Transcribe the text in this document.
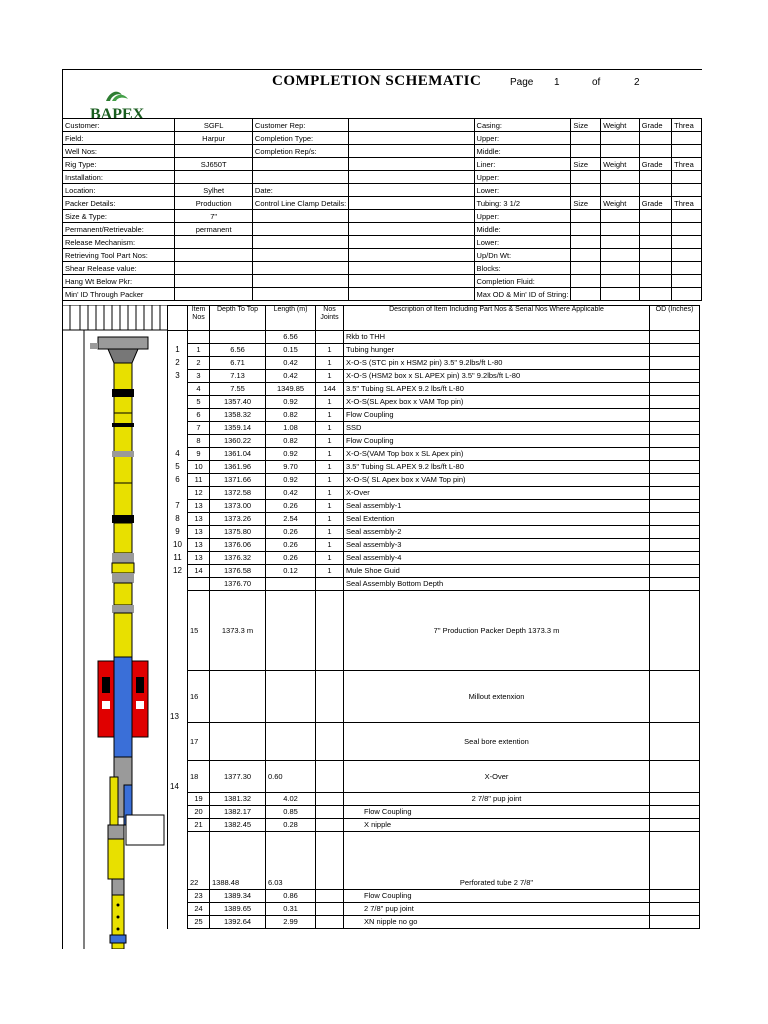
BAPEX
COMPLETION SCHEMATIC	Page 1	of	2
Customer:	SGFL	Customer Rep:		Casing:	Size	Weight	Grade	Threa
Field:	Harpur	Completion Type:		Upper:				
Well Nos:		Completion Rep/s:		Middle:				
Rig Type:	SJ650T			Liner:	Size	Weight	Grade	Threa
Installation:				Upper:				
Location:	Sylhet	Date:		Lower:				
Packer Details:	Production	Control Line Clamp Details:		Tubing: 3 1/2	Size	Weight	Grade	Threa
Size & Type:	7"			Upper:				
Permanent/Retrievable:	permanent			Middle:				
Release Mechanism:				Lower:				
Retrieving Tool Part Nos:				Up/Dn Wt:				
Shear Release value:				Blocks:				
Hang Wt Below Pkr:				Completion Fluid:				
Min' ID Through Packer				Max OD & Min' ID of String:				
	Item Nos	Depth To Top	Length (m)	Nos Joints	Description of Item Including Part Nos & Serial Nos Where Applicable	OD (Inches)
			6.56		Rkb to THH	
1	1	6.56	0.15	1	Tubing hunger	
2	2	6.71	0.42	1	X-O-S (STC pin x HSM2 pin) 3.5" 9.2lbs/ft L-80	
3	3	7.13	0.42	1	X-O-S (HSM2 box x SL APEX pin) 3.5" 9.2lbs/ft L-80	
	4	7.55	1349.85	144	3.5" Tubing SL APEX 9.2 lbs/ft L-80	
	5	1357.40	0.92	1	X-O-S(SL Apex box x VAM Top pin)	
	6	1358.32	0.82	1	Flow Coupling	
	7	1359.14	1.08	1	SSD	
	8	1360.22	0.82	1	Flow Coupling	
4	9	1361.04	0.92	1	X-O-S(VAM Top box x SL Apex pin)	
5	10	1361.96	9.70	1	3.5" Tubing SL APEX 9.2 lbs/ft L-80	
6	11	1371.66	0.92	1	X-O-S( SL Apex box x VAM Top pin)	
	12	1372.58	0.42	1	X-Over	
7	13	1373.00	0.26	1	Seal assembly-1	
8	13	1373.26	2.54	1	Seal Extention	
9	13	1375.80	0.26	1	Seal assembly-2	
10	13	1376.06	0.26	1	Seal assembly-3	
11	13	1376.32	0.26	1	Seal assembly-4	
12	14	1376.58	0.12	1	Mule Shoe Guid	
		1376.70			Seal Assembly Bottom Depth	
	15	1373.3 m			7" Production Packer Depth 1373.3 m	
13	16				Millout extenxion	
	17				Seal bore extention	
14	18	1377.30	0.60		X-Over	
	19	1381.32	4.02		2 7/8" pup joint	
	20	1382.17	0.85		Flow Coupling	
	21	1382.45	0.28		X nipple	
	22	1388.48	6.03		Perforated tube 2 7/8"	
	23	1389.34	0.86		Flow Coupling	
	24	1389.65	0.31		2 7/8" pup joint	
	25	1392.64	2.99		XN nipple no go	
